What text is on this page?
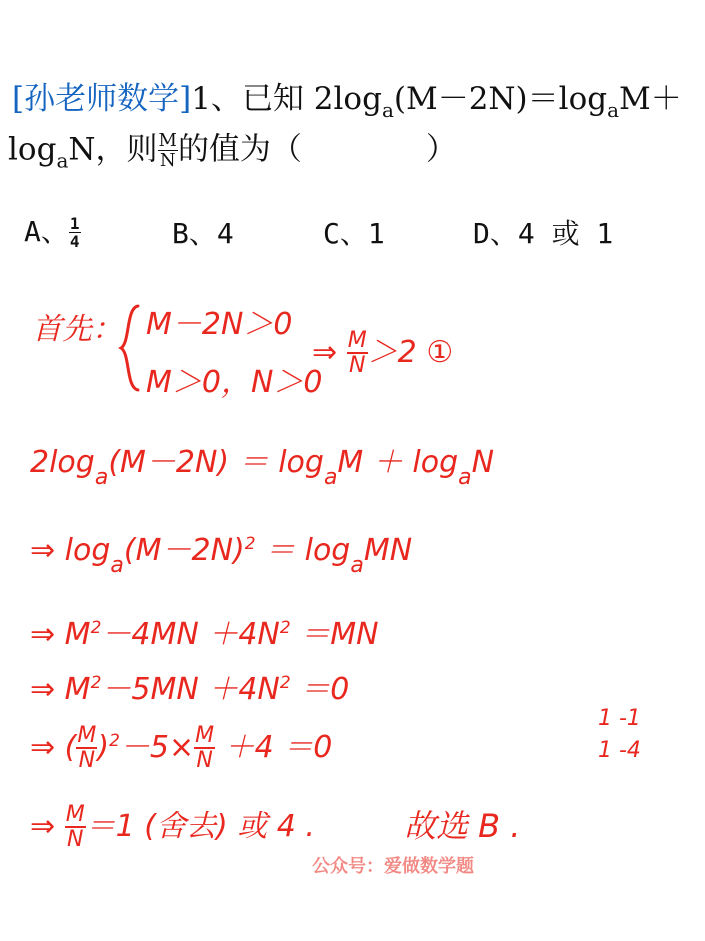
[孙老师数学]1、已知 $2\log_a(M-2N)=\log_aM+$
$\log_aN$，则 $\frac{M}{N}$ 的值为（　　　　）
A、 $\frac{1}{4}$	B、4	C、1	D、4 或 1
首先： M－2N＞0
M＞0，N＞0
⇒ $\frac{M}{N} >2$ ①
$2\log_a(M-2N) = \log_aM + \log_aN$
⇒ $\log_a(M-2N)^2 = \log_aMN$
⇒ $M^2-4MN +4N^2 =MN$
⇒ $M^2-5MN +4N^2 =0$
⇒ ( $\frac{M}{N} )^2-5\times \frac{M}{N} +4 =0$
1 -1
1 -4
⇒ $\frac{M}{N} =1$ (舍去) 或 4 .	故选 B .
公众号：爱做数学题
